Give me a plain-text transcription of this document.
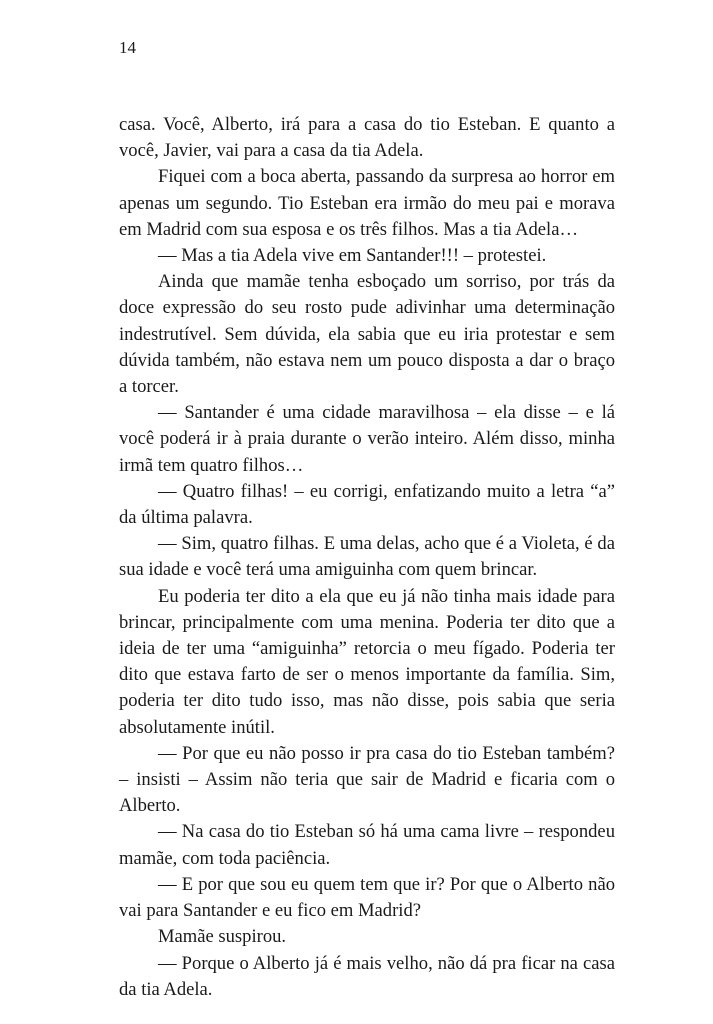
14

casa. Você, Alberto, irá para a casa do tio Esteban. E quanto a você, Javier, vai para a casa da tia Adela.

Fiquei com a boca aberta, passando da surpresa ao horror em apenas um segundo. Tio Esteban era irmão do meu pai e morava em Madrid com sua esposa e os três filhos. Mas a tia Adela…

— Mas a tia Adela vive em Santander!!! – protestei.

Ainda que mamãe tenha esboçado um sorriso, por trás da doce expressão do seu rosto pude adivinhar uma determinação indestrutível. Sem dúvida, ela sabia que eu iria protestar e sem dúvida também, não estava nem um pouco disposta a dar o braço a torcer.

— Santander é uma cidade maravilhosa – ela disse – e lá você poderá ir à praia durante o verão inteiro. Além disso, minha irmã tem quatro filhos…

— Quatro filhas! – eu corrigi, enfatizando muito a letra “a” da última palavra.

— Sim, quatro filhas. E uma delas, acho que é a Violeta, é da sua idade e você terá uma amiguinha com quem brincar.

Eu poderia ter dito a ela que eu já não tinha mais idade para brincar, principalmente com uma menina. Poderia ter dito que a ideia de ter uma “amiguinha” retorcia o meu fígado. Poderia ter dito que estava farto de ser o menos importante da família. Sim, poderia ter dito tudo isso, mas não disse, pois sabia que seria absolutamente inútil.

— Por que eu não posso ir pra casa do tio Esteban também? – insisti – Assim não teria que sair de Madrid e ficaria com o Alberto.

— Na casa do tio Esteban só há uma cama livre – respondeu mamãe, com toda paciência.

— E por que sou eu quem tem que ir? Por que o Alberto não vai para Santander e eu fico em Madrid?

Mamãe suspirou.

— Porque o Alberto já é mais velho, não dá pra ficar na casa da tia Adela.
